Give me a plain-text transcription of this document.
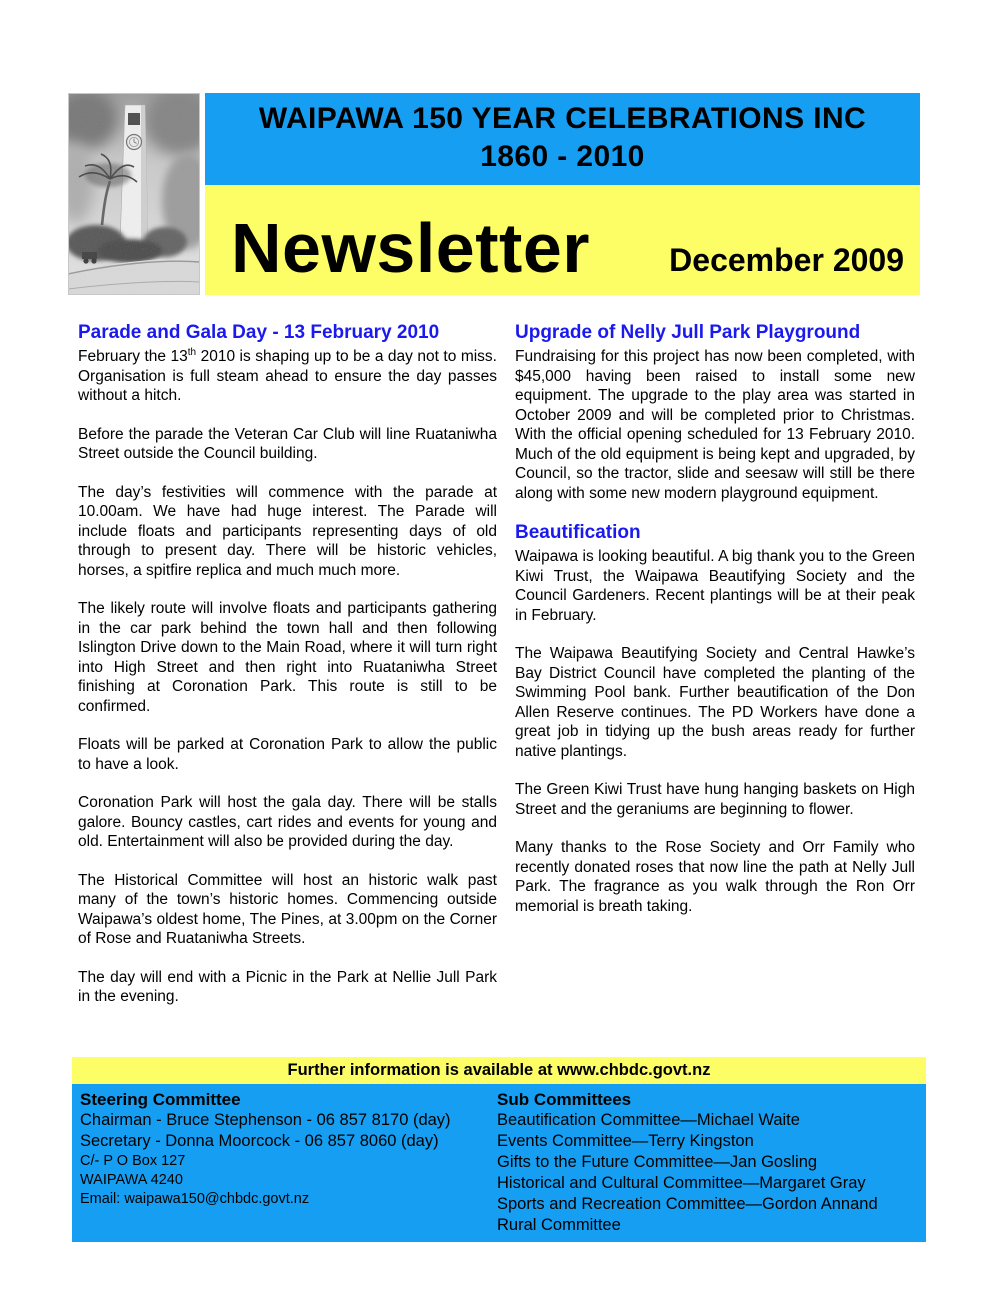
WAIPAWA 150 YEAR CELEBRATIONS INC
1860 - 2010
Newsletter December 2009
Parade and Gala Day - 13 February 2010

February the 13th 2010 is shaping up to be a day not to miss. Organisation is full steam ahead to ensure the day passes without a hitch.

Before the parade the Veteran Car Club will line Ruataniwha Street outside the Council building.

The day’s festivities will commence with the parade at 10.00am. We have had huge interest. The Parade will include floats and participants representing days of old through to present day. There will be historic vehicles, horses, a spitfire replica and much much more.

The likely route will involve floats and participants gathering in the car park behind the town hall and then following Islington Drive down to the Main Road, where it will turn right into High Street and then right into Ruataniwha Street finishing at Coronation Park. This route is still to be confirmed.

Floats will be parked at Coronation Park to allow the public to have a look.

Coronation Park will host the gala day. There will be stalls galore. Bouncy castles, cart rides and events for young and old. Entertainment will also be provided during the day.

The Historical Committee will host an historic walk past many of the town’s historic homes. Commencing outside Waipawa’s oldest home, The Pines, at 3.00pm on the Corner of Rose and Ruataniwha Streets.

The day will end with a Picnic in the Park at Nellie Jull Park in the evening.

Upgrade of Nelly Jull Park Playground

Fundraising for this project has now been completed, with $45,000 having been raised to install some new equipment. The upgrade to the play area was started in October 2009 and will be completed prior to Christmas. With the official opening scheduled for 13 February 2010. Much of the old equipment is being kept and upgraded, by Council, so the tractor, slide and seesaw will still be there along with some new modern playground equipment.

Beautification

Waipawa is looking beautiful. A big thank you to the Green Kiwi Trust, the Waipawa Beautifying Society and the Council Gardeners. Recent plantings will be at their peak in February.

The Waipawa Beautifying Society and Central Hawke’s Bay District Council have completed the planting of the Swimming Pool bank. Further beautification of the Don Allen Reserve continues. The PD Workers have done a great job in tidying up the bush areas ready for further native plantings.

The Green Kiwi Trust have hung hanging baskets on High Street and the geraniums are beginning to flower.

Many thanks to the Rose Society and Orr Family who recently donated roses that now line the path at Nelly Jull Park. The fragrance as you walk through the Ron Orr memorial is breath taking.

Further information is available at www.chbdc.govt.nz
Steering Committee
Chairman - Bruce Stephenson - 06 857 8170 (day)
Secretary - Donna Moorcock - 06 857 8060 (day)
C/- P O Box 127
WAIPAWA 4240
Email: waipawa150@chbdc.govt.nz
Sub Committees
Beautification Committee—Michael Waite
Events Committee—Terry Kingston
Gifts to the Future Committee—Jan Gosling
Historical and Cultural Committee—Margaret Gray
Sports and Recreation Committee—Gordon Annand
Rural Committee
